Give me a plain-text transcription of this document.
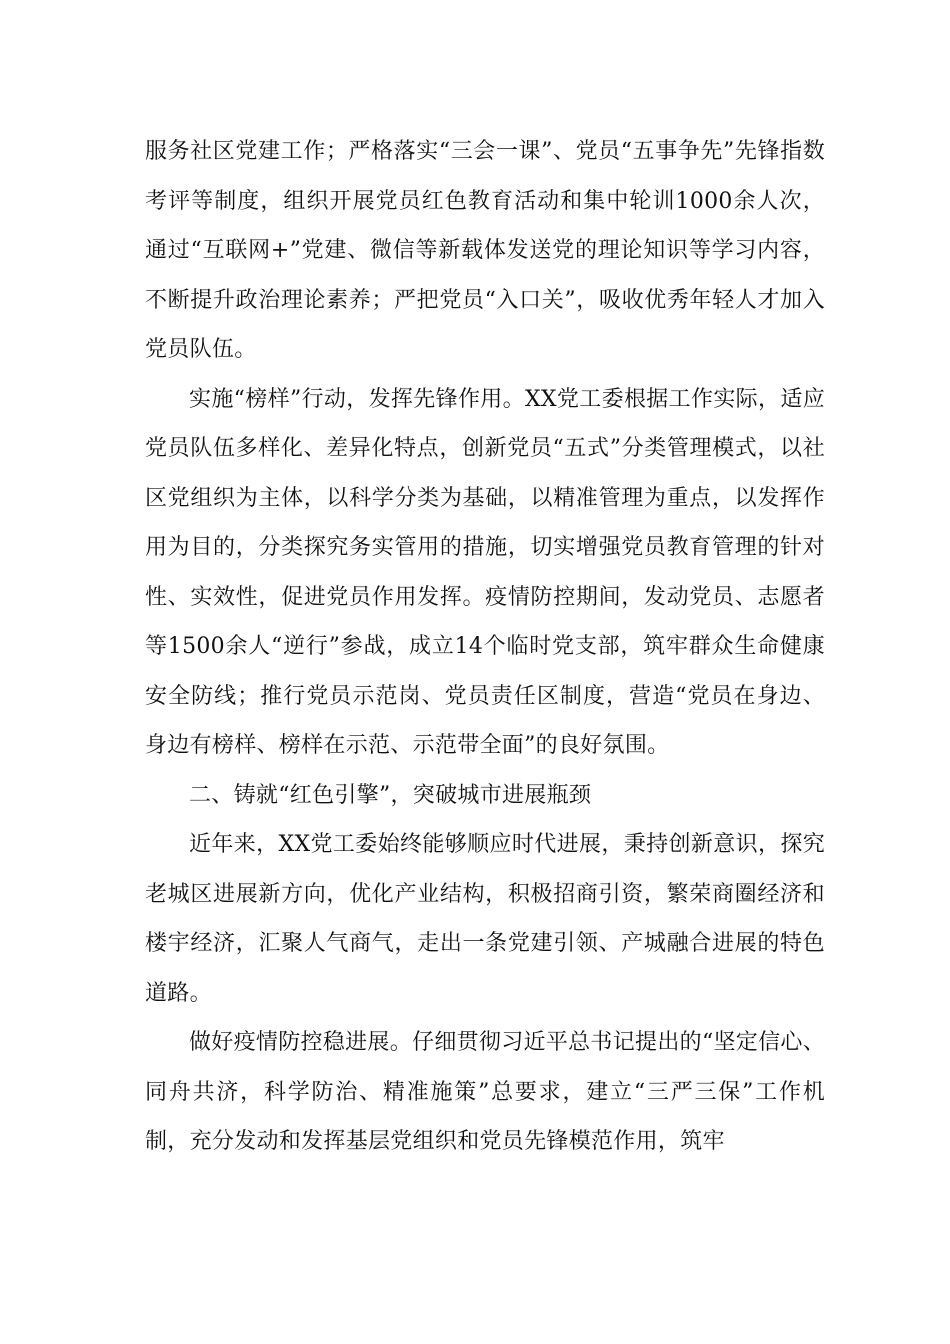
服务社区党建工作；严格落实“三会一课”、党员“五事争先”先锋指数考评等制度，组织开展党员红色教育活动和集中轮训1000余人次，通过“互联网+”党建、微信等新载体发送党的理论知识等学习内容，不断提升政治理论素养；严把党员“入口关”，吸收优秀年轻人才加入党员队伍。

实施“榜样”行动，发挥先锋作用。XX党工委根据工作实际，适应党员队伍多样化、差异化特点，创新党员“五式”分类管理模式，以社区党组织为主体，以科学分类为基础，以精准管理为重点，以发挥作用为目的，分类探究务实管用的措施，切实增强党员教育管理的针对性、实效性，促进党员作用发挥。疫情防控期间，发动党员、志愿者等1500余人“逆行”参战，成立14个临时党支部，筑牢群众生命健康安全防线；推行党员示范岗、党员责任区制度，营造“党员在身边、身边有榜样、榜样在示范、示范带全面”的良好氛围。

二、铸就“红色引擎”，突破城市进展瓶颈

近年来，XX党工委始终能够顺应时代进展，秉持创新意识，探究老城区进展新方向，优化产业结构，积极招商引资，繁荣商圈经济和楼宇经济，汇聚人气商气，走出一条党建引领、产城融合进展的特色道路。

做好疫情防控稳进展。仔细贯彻习近平总书记提出的“坚定信心、同舟共济，科学防治、精准施策”总要求，建立“三严三保”工作机制，充分发动和发挥基层党组织和党员先锋模范作用，筑牢
